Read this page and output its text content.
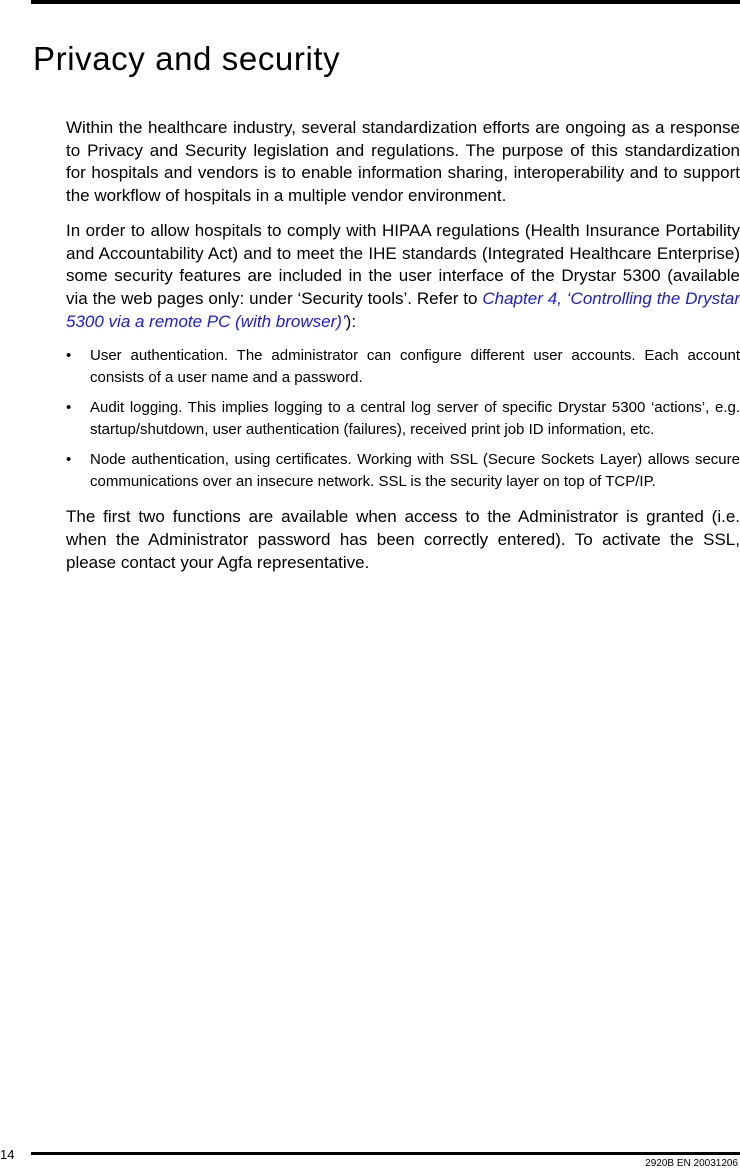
Privacy and security

Within the healthcare industry, several standardization efforts are ongoing as a response to Privacy and Security legislation and regulations. The purpose of this standardization for hospitals and vendors is to enable information sharing, interoperability and to support the workflow of hospitals in a multiple vendor environment.

In order to allow hospitals to comply with HIPAA regulations (Health Insurance Portability and Accountability Act) and to meet the IHE standards (Integrated Healthcare Enterprise) some security features are included in the user interface of the Drystar 5300 (available via the web pages only: under ‘Security tools’. Refer to Chapter 4, ‘Controlling the Drystar 5300 via a remote PC (with browser)’):

• User authentication. The administrator can configure different user accounts. Each account consists of a user name and a password.
• Audit logging. This implies logging to a central log server of specific Drystar 5300 ‘actions’, e.g. startup/shutdown, user authentication (failures), received print job ID information, etc.
• Node authentication, using certificates. Working with SSL (Secure Sockets Layer) allows secure communications over an insecure network. SSL is the security layer on top of TCP/IP.

The first two functions are available when access to the Administrator is granted (i.e. when the Administrator password has been correctly entered). To activate the SSL, please contact your Agfa representative.

14
2920B EN 20031206
